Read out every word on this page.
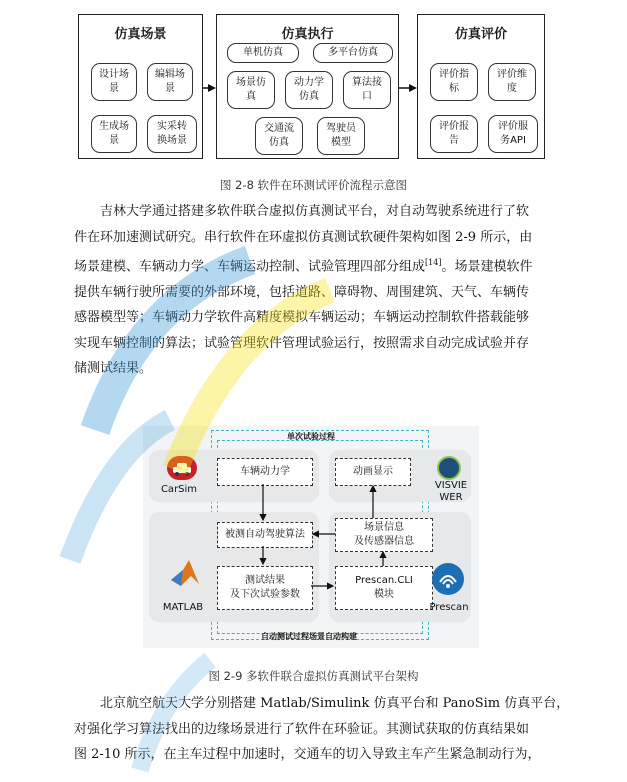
仿真场景
设计场
景
编辑场
景
生成场
景
实采转
换场景
仿真执行
单机仿真	多平台仿真
场景仿
真
动力学
仿真
算法接
口
交通流
仿真
驾驶员
模型
仿真评价
评价指
标
评价维
度
评价报
告
评价服
务API
图 2-8 软件在环测试评价流程示意图
吉林大学通过搭建多软件联合虚拟仿真测试平台，对自动驾驶系统进行了软
件在环加速测试研究。串行软件在环虚拟仿真测试软硬件架构如图 2-9 所示，由
场景建模、车辆动力学、车辆运动控制、试验管理四部分组成[14]。场景建模软件
提供车辆行驶所需要的外部环境，包括道路、障碍物、周围建筑、天气、车辆传
感器模型等；车辆动力学软件高精度模拟车辆运动；车辆运动控制软件搭载能够
实现车辆控制的算法；试验管理软件管理试验运行，按照需求自动完成试验并存
储测试结果。
单次试验过程
自动测试过程场景自动构建
车辆动力学	动画显示
被测自动驾驶算法
场景信息
及传感器信息
测试结果
及下次试验参数
Prescan.CLI
模块
CarSim	VISVIE
WER
MATLAB	Prescan
图 2-9 多软件联合虚拟仿真测试平台架构
北京航空航天大学分别搭建 Matlab/Simulink 仿真平台和 PanoSim 仿真平台，
对强化学习算法找出的边缘场景进行了软件在环验证。其测试获取的仿真结果如
图 2-10 所示，在主车过程中加速时，交通车的切入导致主车产生紧急制动行为，
